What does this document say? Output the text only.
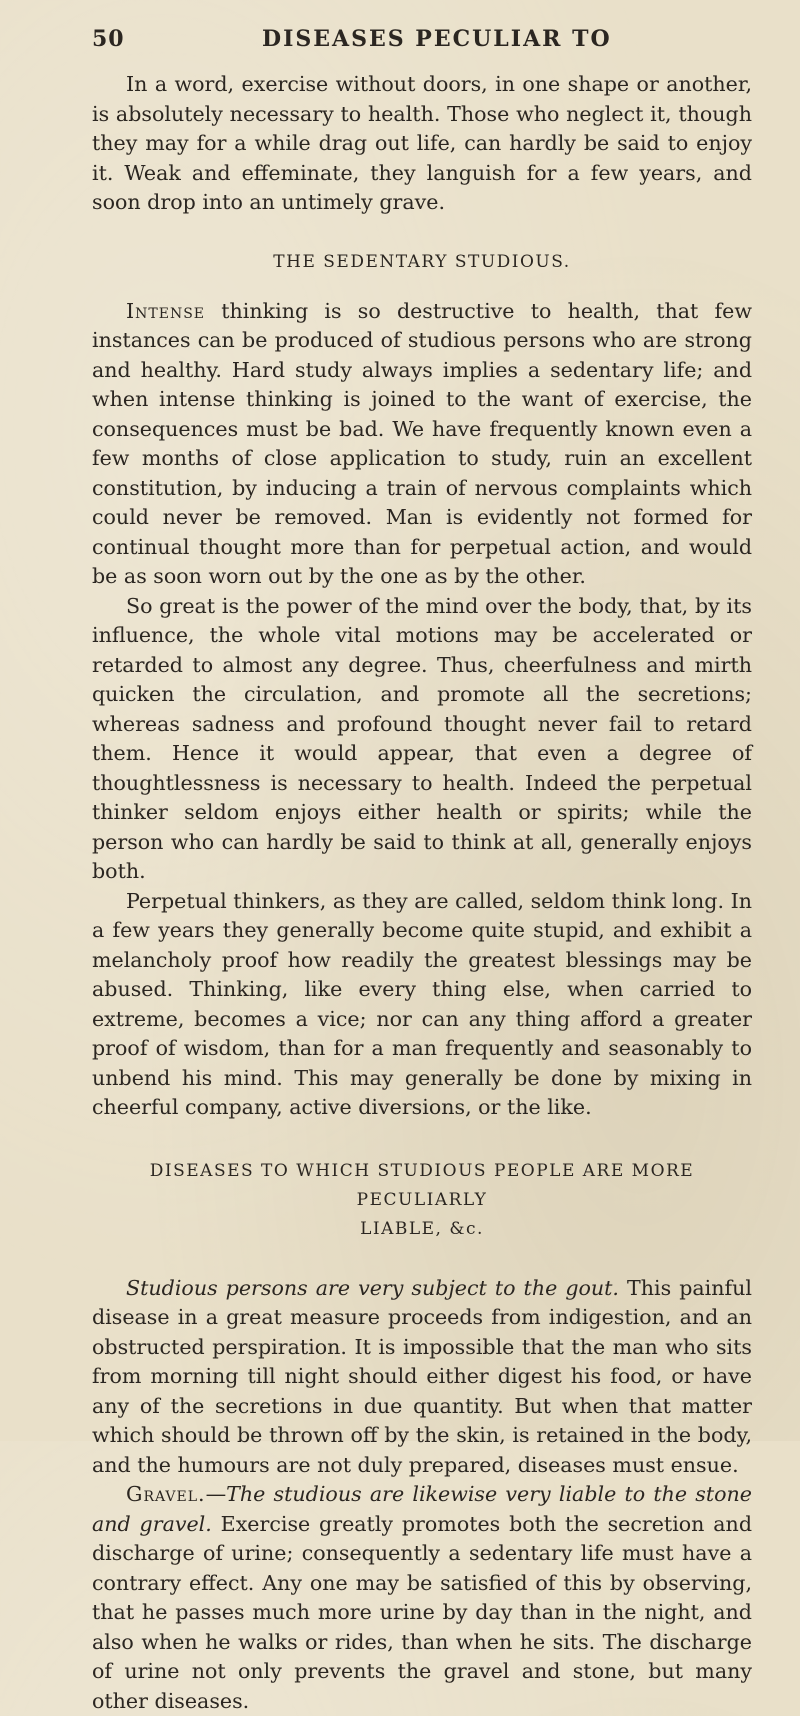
50	DISEASES PECULIAR TO

In a word, exercise without doors, in one shape or another, is absolutely necessary to health. Those who neglect it, though they may for a while drag out life, can hardly be said to enjoy it. Weak and effeminate, they languish for a few years, and soon drop into an untimely grave.

THE SEDENTARY STUDIOUS.

Intense thinking is so destructive to health, that few instances can be produced of studious persons who are strong and healthy. Hard study always implies a sedentary life; and when intense thinking is joined to the want of exercise, the consequences must be bad. We have frequently known even a few months of close application to study, ruin an excellent constitution, by inducing a train of nervous complaints which could never be removed. Man is evidently not formed for continual thought more than for perpetual action, and would be as soon worn out by the one as by the other.

So great is the power of the mind over the body, that, by its influence, the whole vital motions may be accelerated or retarded to almost any degree. Thus, cheerfulness and mirth quicken the circulation, and promote all the secretions; whereas sadness and profound thought never fail to retard them. Hence it would appear, that even a degree of thoughtlessness is necessary to health. Indeed the perpetual thinker seldom enjoys either health or spirits; while the person who can hardly be said to think at all, generally enjoys both.

Perpetual thinkers, as they are called, seldom think long. In a few years they generally become quite stupid, and exhibit a melancholy proof how readily the greatest blessings may be abused. Thinking, like every thing else, when carried to extreme, becomes a vice; nor can any thing afford a greater proof of wisdom, than for a man frequently and seasonably to unbend his mind. This may generally be done by mixing in cheerful company, active diversions, or the like.

DISEASES TO WHICH STUDIOUS PEOPLE ARE MORE PECULIARLY
LIABLE, &c.

Studious persons are very subject to the gout. This painful disease in a great measure proceeds from indigestion, and an obstructed perspiration. It is impossible that the man who sits from morning till night should either digest his food, or have any of the secretions in due quantity. But when that matter which should be thrown off by the skin, is retained in the body, and the humours are not duly prepared, diseases must ensue.

Gravel.—The studious are likewise very liable to the stone and gravel. Exercise greatly promotes both the secretion and discharge of urine; consequently a sedentary life must have a contrary effect. Any one may be satisfied of this by observing, that he passes much more urine by day than in the night, and also when he walks or rides, than when he sits. The discharge of urine not only prevents the gravel and stone, but many other diseases.
